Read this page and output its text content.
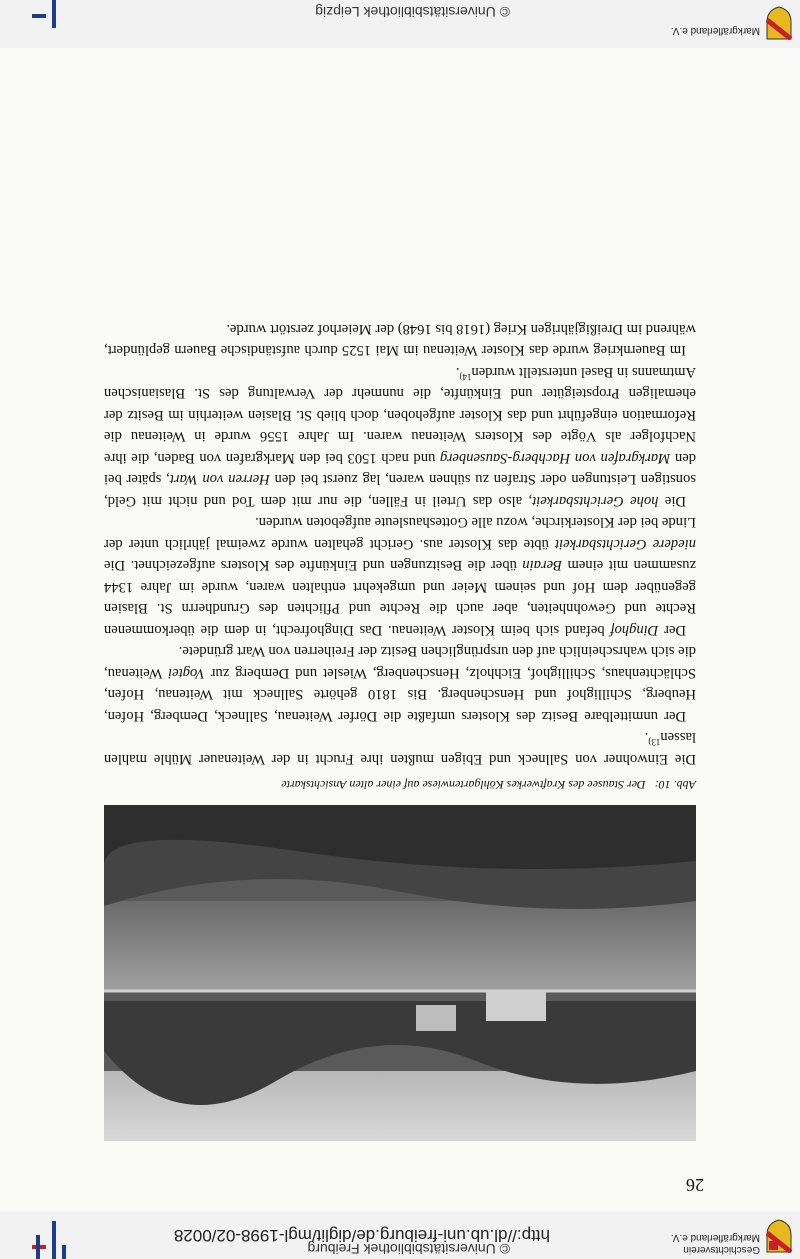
Geschichtsverein
Markgräflerland e.V.
© Universitätsbibliothek Freiburg
http://dl.ub.uni-freiburg.de/diglit/mgl-1998-02/0028
26
Abb. 10:   Der Stausee des Kraftwerkes Köhlgartenwiese auf einer alten Ansichtskarte

Die Einwohner von Sallneck und Ebigen mußten ihre Frucht in der Weitenauer Mühle mahlen lassen$^{13)}$.

Der unmittelbare Besitz des Klosters umfaßte die Dörfer Weitenau, Sallneck, Demberg, Hofen, Heuberg, Schillighof und Henschenberg. Bis 1810 gehörte Sallneck mit Weitenau, Hofen, Schlächtenhaus, Schillighof, Eichholz, Henschenberg, Wieslet und Demberg zur Vogtei Weitenau, die sich wahrscheinlich auf den ursprünglichen Besitz der Freiherren von Wart gründete.

Der Dinghof befand sich beim Kloster Weitenau. Das Dinghofrecht, in dem die überkommenen Rechte und Gewohnheiten, aber auch die Rechte und Pflichten des Grundherrn St. Blasien gegenüber dem Hof und seinem Meier und umgekehrt enthalten waren, wurde im Jahre 1344 zusammen mit einem Berain über die Besitzungen und Einkünfte des Klosters aufgezeichnet. Die niedere Gerichtsbarkeit übte das Kloster aus. Gericht gehalten wurde zweimal jährlich unter der Linde bei der Klosterkirche, wozu alle Gotteshausleute aufgeboten wurden.

Die hohe Gerichtsbarkeit, also das Urteil in Fällen, die nur mit dem Tod und nicht mit Geld, sonstigen Leistungen oder Strafen zu sühnen waren, lag zuerst bei den Herren von Wart, später bei den Markgrafen von Hachberg-Sausenberg und nach 1503 bei den Markgrafen von Baden, die ihre Nachfolger als Vögte des Klosters Weitenau waren. Im Jahre 1556 wurde in Weitenau die Reformation eingeführt und das Kloster aufgehoben, doch blieb St. Blasien weiterhin im Besitz der ehemaligen Propsteigüter und Einkünfte, die nunmehr der Verwaltung des St. Blasianischen Amtmanns in Basel unterstellt wurden$^{14)}$.

Im Bauernkrieg wurde das Kloster Weitenau im Mai 1525 durch aufständische Bauern geplündert, während im Dreißigjährigen Krieg (1618 bis 1648) der Meierhof zerstört wurde.

Markgräflerland e.V.
© Universitätsbibliothek Leipzig
